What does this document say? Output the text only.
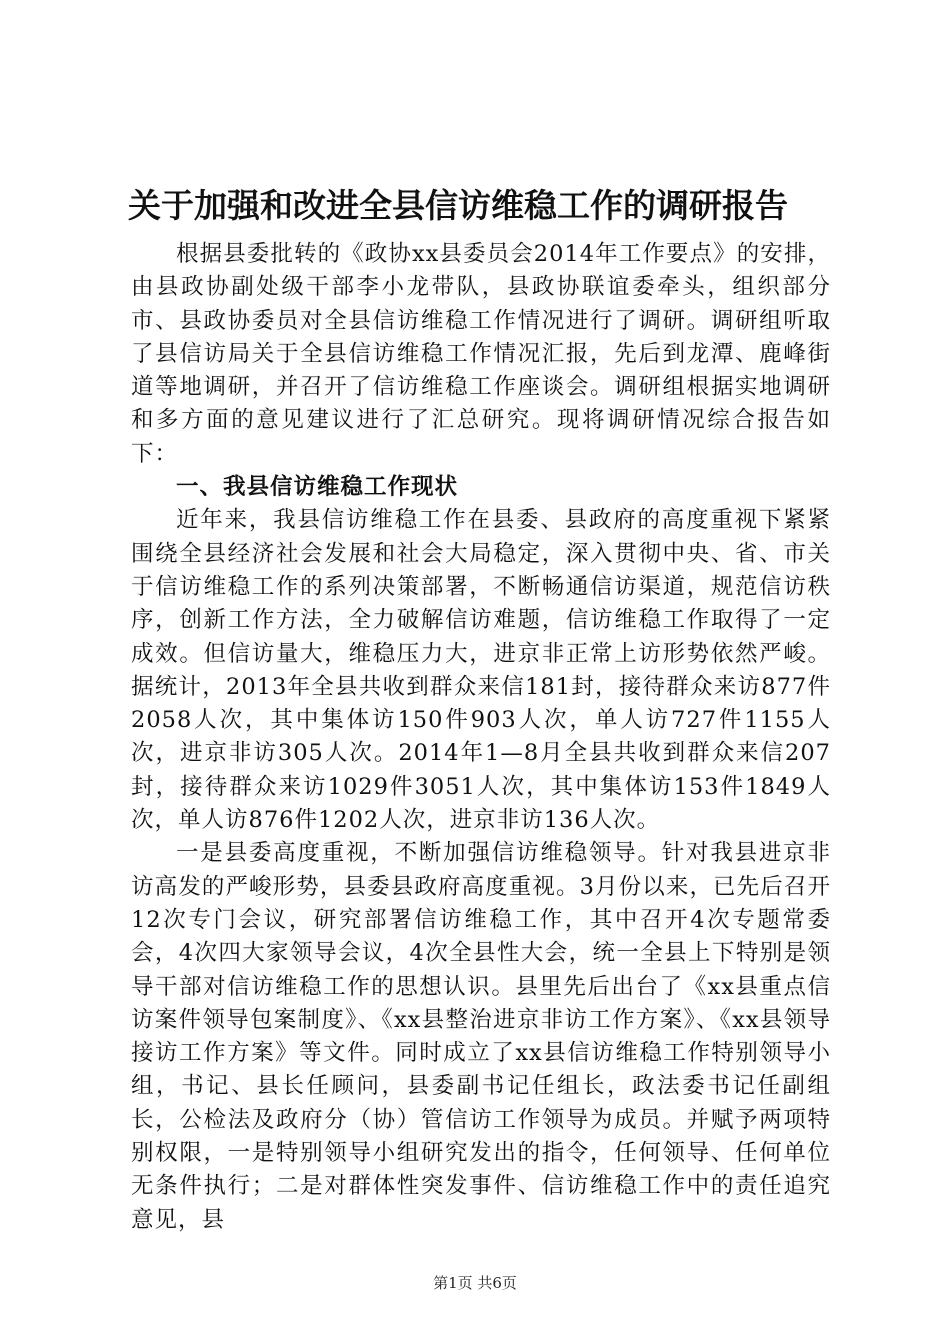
关于加强和改进全县信访维稳工作的调研报告

根据县委批转的《政协xx县委员会2014年工作要点》的安排，由县政协副处级干部李小龙带队，县政协联谊委牵头，组织部分市、县政协委员对全县信访维稳工作情况进行了调研。调研组听取了县信访局关于全县信访维稳工作情况汇报，先后到龙潭、鹿峰街道等地调研，并召开了信访维稳工作座谈会。调研组根据实地调研和多方面的意见建议进行了汇总研究。现将调研情况综合报告如下：

一、我县信访维稳工作现状

近年来，我县信访维稳工作在县委、县政府的高度重视下紧紧围绕全县经济社会发展和社会大局稳定，深入贯彻中央、省、市关于信访维稳工作的系列决策部署，不断畅通信访渠道，规范信访秩序，创新工作方法，全力破解信访难题，信访维稳工作取得了一定成效。但信访量大，维稳压力大，进京非正常上访形势依然严峻。据统计，2013年全县共收到群众来信181封，接待群众来访877件2058人次，其中集体访150件903人次，单人访727件1155人次，进京非访305人次。2014年1—8月全县共收到群众来信207封，接待群众来访1029件3051人次，其中集体访153件1849人次，单人访876件1202人次，进京非访136人次。

一是县委高度重视，不断加强信访维稳领导。针对我县进京非访高发的严峻形势，县委县政府高度重视。3月份以来，已先后召开12次专门会议，研究部署信访维稳工作，其中召开4次专题常委会，4次四大家领导会议，4次全县性大会，统一全县上下特别是领导干部对信访维稳工作的思想认识。县里先后出台了《xx县重点信访案件领导包案制度》、《xx县整治进京非访工作方案》、《xx县领导接访工作方案》等文件。同时成立了xx县信访维稳工作特别领导小组，书记、县长任顾问，县委副书记任组长，政法委书记任副组长，公检法及政府分（协）管信访工作领导为成员。并赋予两项特别权限，一是特别领导小组研究发出的指令，任何领导、任何单位无条件执行；二是对群体性突发事件、信访维稳工作中的责任追究意见，县

第1页 共6页
